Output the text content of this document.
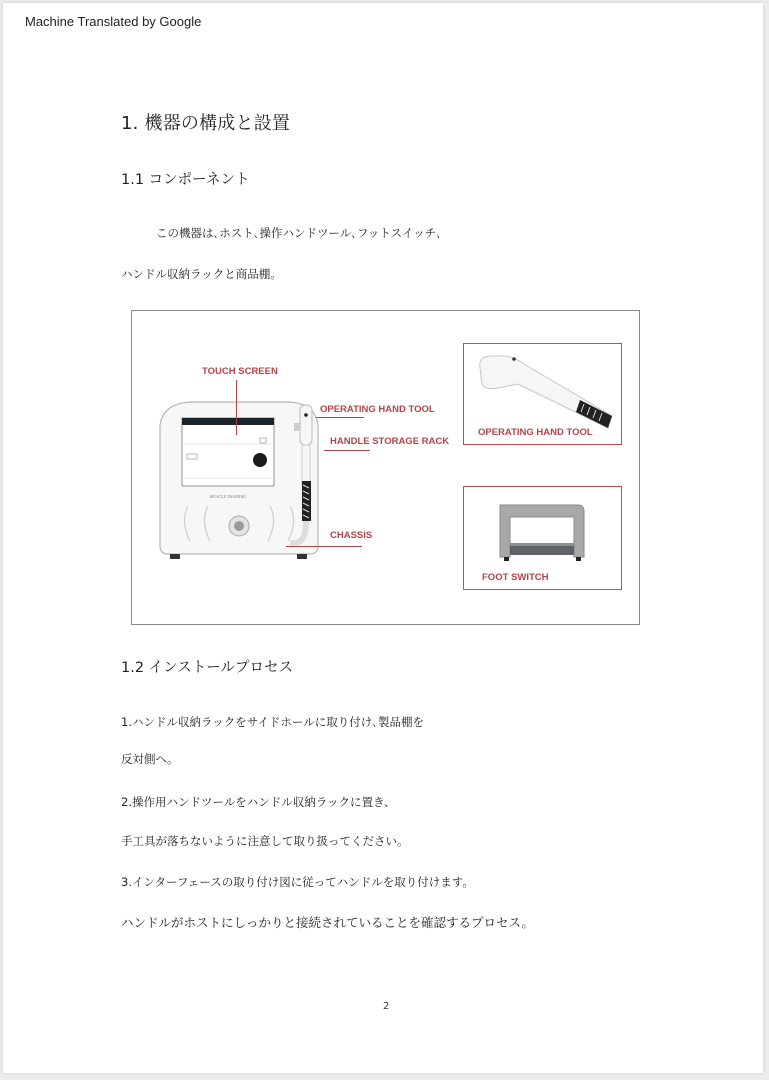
Machine Translated by Google
1. 機器の構成と設置
1.1 コンポーネント
この機器は､ホスト､操作ハンドツール､フットスイッチ､
ハンドル収納ラックと商品棚｡
MUSCLE TRAINING
TOUCH SCREEN
OPERATING HAND TOOL
HANDLE STORAGE RACK
CHASSIS
OPERATING HAND TOOL
FOOT SWITCH
1.2 インストールプロセス
1.ハンドル収納ラックをサイドホールに取り付け､製品棚を
反対側へ｡
2.操作用ハンドツールをハンドル収納ラックに置き、
手工具が落ちないように注意して取り扱ってください。
3.インターフェースの取り付け図に従ってハンドルを取り付けます。
ハンドルがホストにしっかりと接続されていることを確認するプロセス。
2
